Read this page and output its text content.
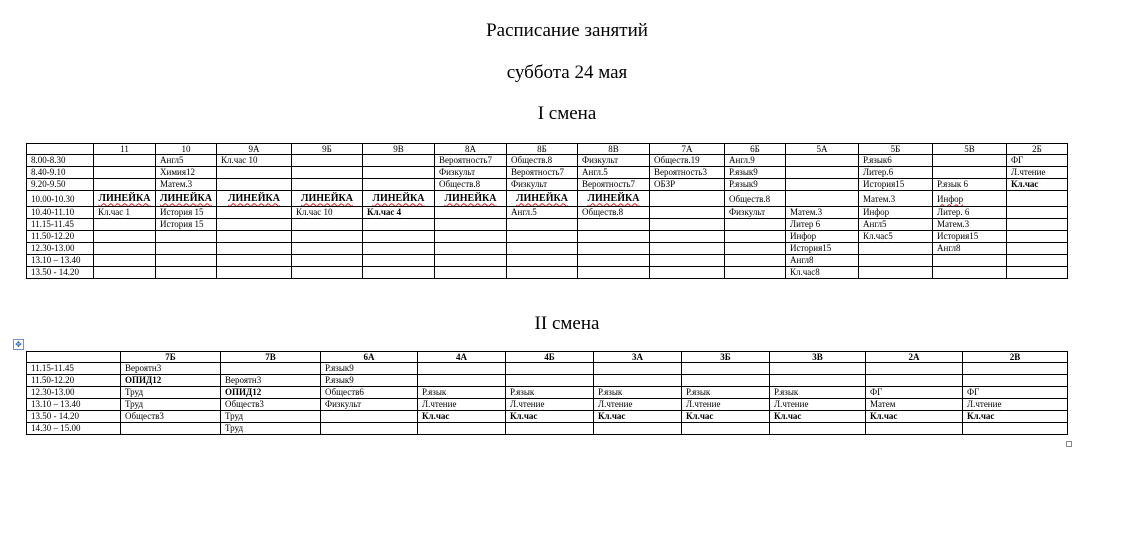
Расписание занятий
суббота 24 мая
I смена
	11	10	9А	9Б	9В	8А	8Б	8В	7А	6Б	5А	5Б	5В	2Б
8.00-8.30		Англ5	Кл.час 10			Вероятность7	Обществ.8	Физкульт	Обществ.19	Англ.9		Р.язык6		ФГ
8.40-9.10		Химия12				Физкульт	Вероятность7	Англ.5	Вероятность3	Р.язык9		Литер.6		Л.чтение
9.20-9.50		Матем.3				Обществ.8	Физкульт	Вероятность7	ОБЗР	Р.язык9		История15	Р.язык 6	Кл.час
10.00-10.30	ЛИНЕЙКА	ЛИНЕЙКА	ЛИНЕЙКА	ЛИНЕЙКА	ЛИНЕЙКА	ЛИНЕЙКА	ЛИНЕЙКА	ЛИНЕЙКА		Обществ.8		Матем.3	Инфор	
10.40-11.10	Кл.час 1	История 15		Кл.час 10	Кл.час 4		Англ.5	Обществ.8		Физкульт	Матем.3	Инфор	Литер. 6	
11.15-11.45		История 15									Литер 6	Англ5	Матем.3	
11.50-12.20											Инфор	Кл.час5	История15	
12.30-13.00											История15		Англ8	
13.10 – 13.40											Англ8			
13.50 - 14.20											Кл.час8			
✥
II смена
	7Б	7В	6А	4А	4Б	3А	3Б	3В	2А	2В
11.15-11.45	Вероятн3		Р.язык9							
11.50-12.20	ОПИД12	Вероятн3	Р.язык9							
12.30-13.00	Труд	ОПИД12	Обществ6	Р.язык	Р.язык	Р.язык	Р.язык	Р.язык	ФГ	ФГ
13.10 – 13.40	Труд	Обществ3	Физкульт	Л.чтение	Л.чтение	Л.чтение	Л.чтение	Л.чтение	Матем	Л.чтение
13.50 - 14.20	Обществ3	Труд		Кл.час	Кл.час	Кл.час	Кл.час	Кл.час	Кл.час	Кл.час
14.30 – 15.00		Труд								
